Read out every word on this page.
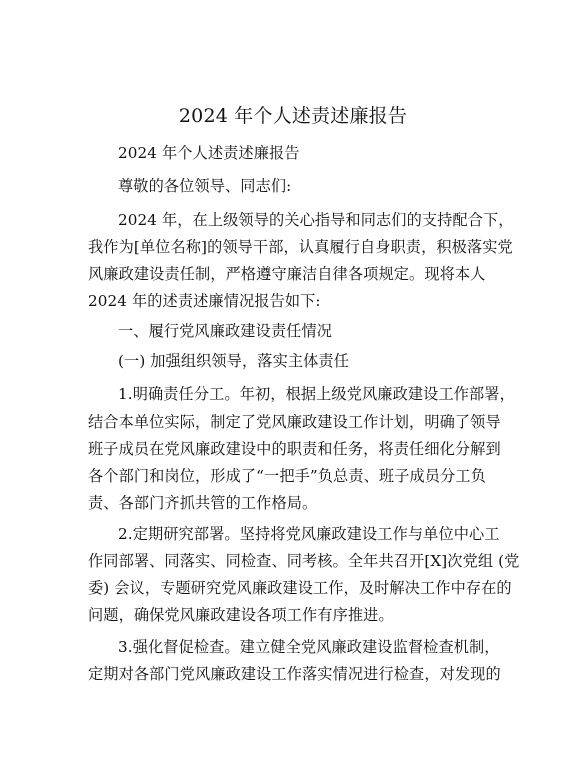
2024 年个人述责述廉报告
2024 年个人述责述廉报告
尊敬的各位领导、同志们:
2024 年，在上级领导的关心指导和同志们的支持配合下，
我作为[单位名称]的领导干部，认真履行自身职责，积极落实党
风廉政建设责任制，严格遵守廉洁自律各项规定。现将本人
2024 年的述责述廉情况报告如下:
一、履行党风廉政建设责任情况
(一) 加强组织领导，落实主体责任
1.明确责任分工。年初，根据上级党风廉政建设工作部署，
结合本单位实际，制定了党风廉政建设工作计划，明确了领导
班子成员在党风廉政建设中的职责和任务，将责任细化分解到
各个部门和岗位，形成了“一把手”负总责、班子成员分工负
责、各部门齐抓共管的工作格局。
2.定期研究部署。坚持将党风廉政建设工作与单位中心工
作同部署、同落实、同检查、同考核。全年共召开[X]次党组 (党
委) 会议，专题研究党风廉政建设工作，及时解决工作中存在的
问题，确保党风廉政建设各项工作有序推进。
3.强化督促检查。建立健全党风廉政建设监督检查机制，
定期对各部门党风廉政建设工作落实情况进行检查，对发现的
